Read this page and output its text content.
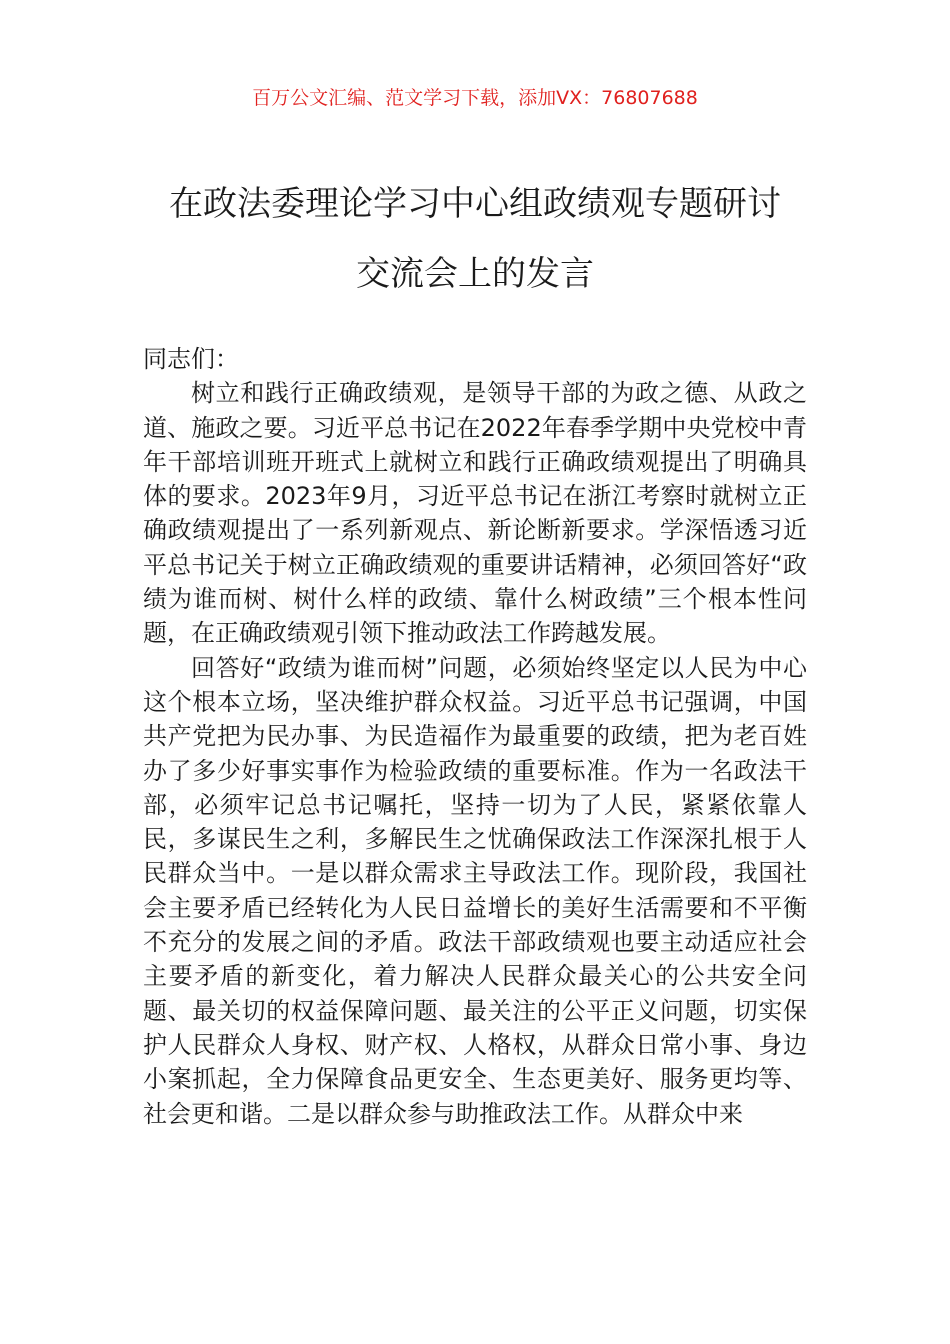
百万公文汇编、范文学习下载，添加VX：76807688
在政法委理论学习中心组政绩观专题研讨
交流会上的发言

同志们：

树立和践行正确政绩观，是领导干部的为政之德、从政之道、施政之要。习近平总书记在2022年春季学期中央党校中青年干部培训班开班式上就树立和践行正确政绩观提出了明确具体的要求。2023年9月，习近平总书记在浙江考察时就树立正确政绩观提出了一系列新观点、新论断新要求。学深悟透习近平总书记关于树立正确政绩观的重要讲话精神，必须回答好“政绩为谁而树、树什么样的政绩、靠什么树政绩”三个根本性问题，在正确政绩观引领下推动政法工作跨越发展。

回答好“政绩为谁而树”问题，必须始终坚定以人民为中心这个根本立场，坚决维护群众权益。习近平总书记强调，中国共产党把为民办事、为民造福作为最重要的政绩，把为老百姓办了多少好事实事作为检验政绩的重要标准。作为一名政法干部，必须牢记总书记嘱托，坚持一切为了人民，紧紧依靠人民，多谋民生之利，多解民生之忧确保政法工作深深扎根于人民群众当中。一是以群众需求主导政法工作。现阶段，我国社会主要矛盾已经转化为人民日益增长的美好生活需要和不平衡不充分的发展之间的矛盾。政法干部政绩观也要主动适应社会主要矛盾的新变化，着力解决人民群众最关心的公共安全问题、最关切的权益保障问题、最关注的公平正义问题，切实保护人民群众人身权、财产权、人格权，从群众日常小事、身边小案抓起，全力保障食品更安全、生态更美好、服务更均等、社会更和谐。二是以群众参与助推政法工作。从群众中来
